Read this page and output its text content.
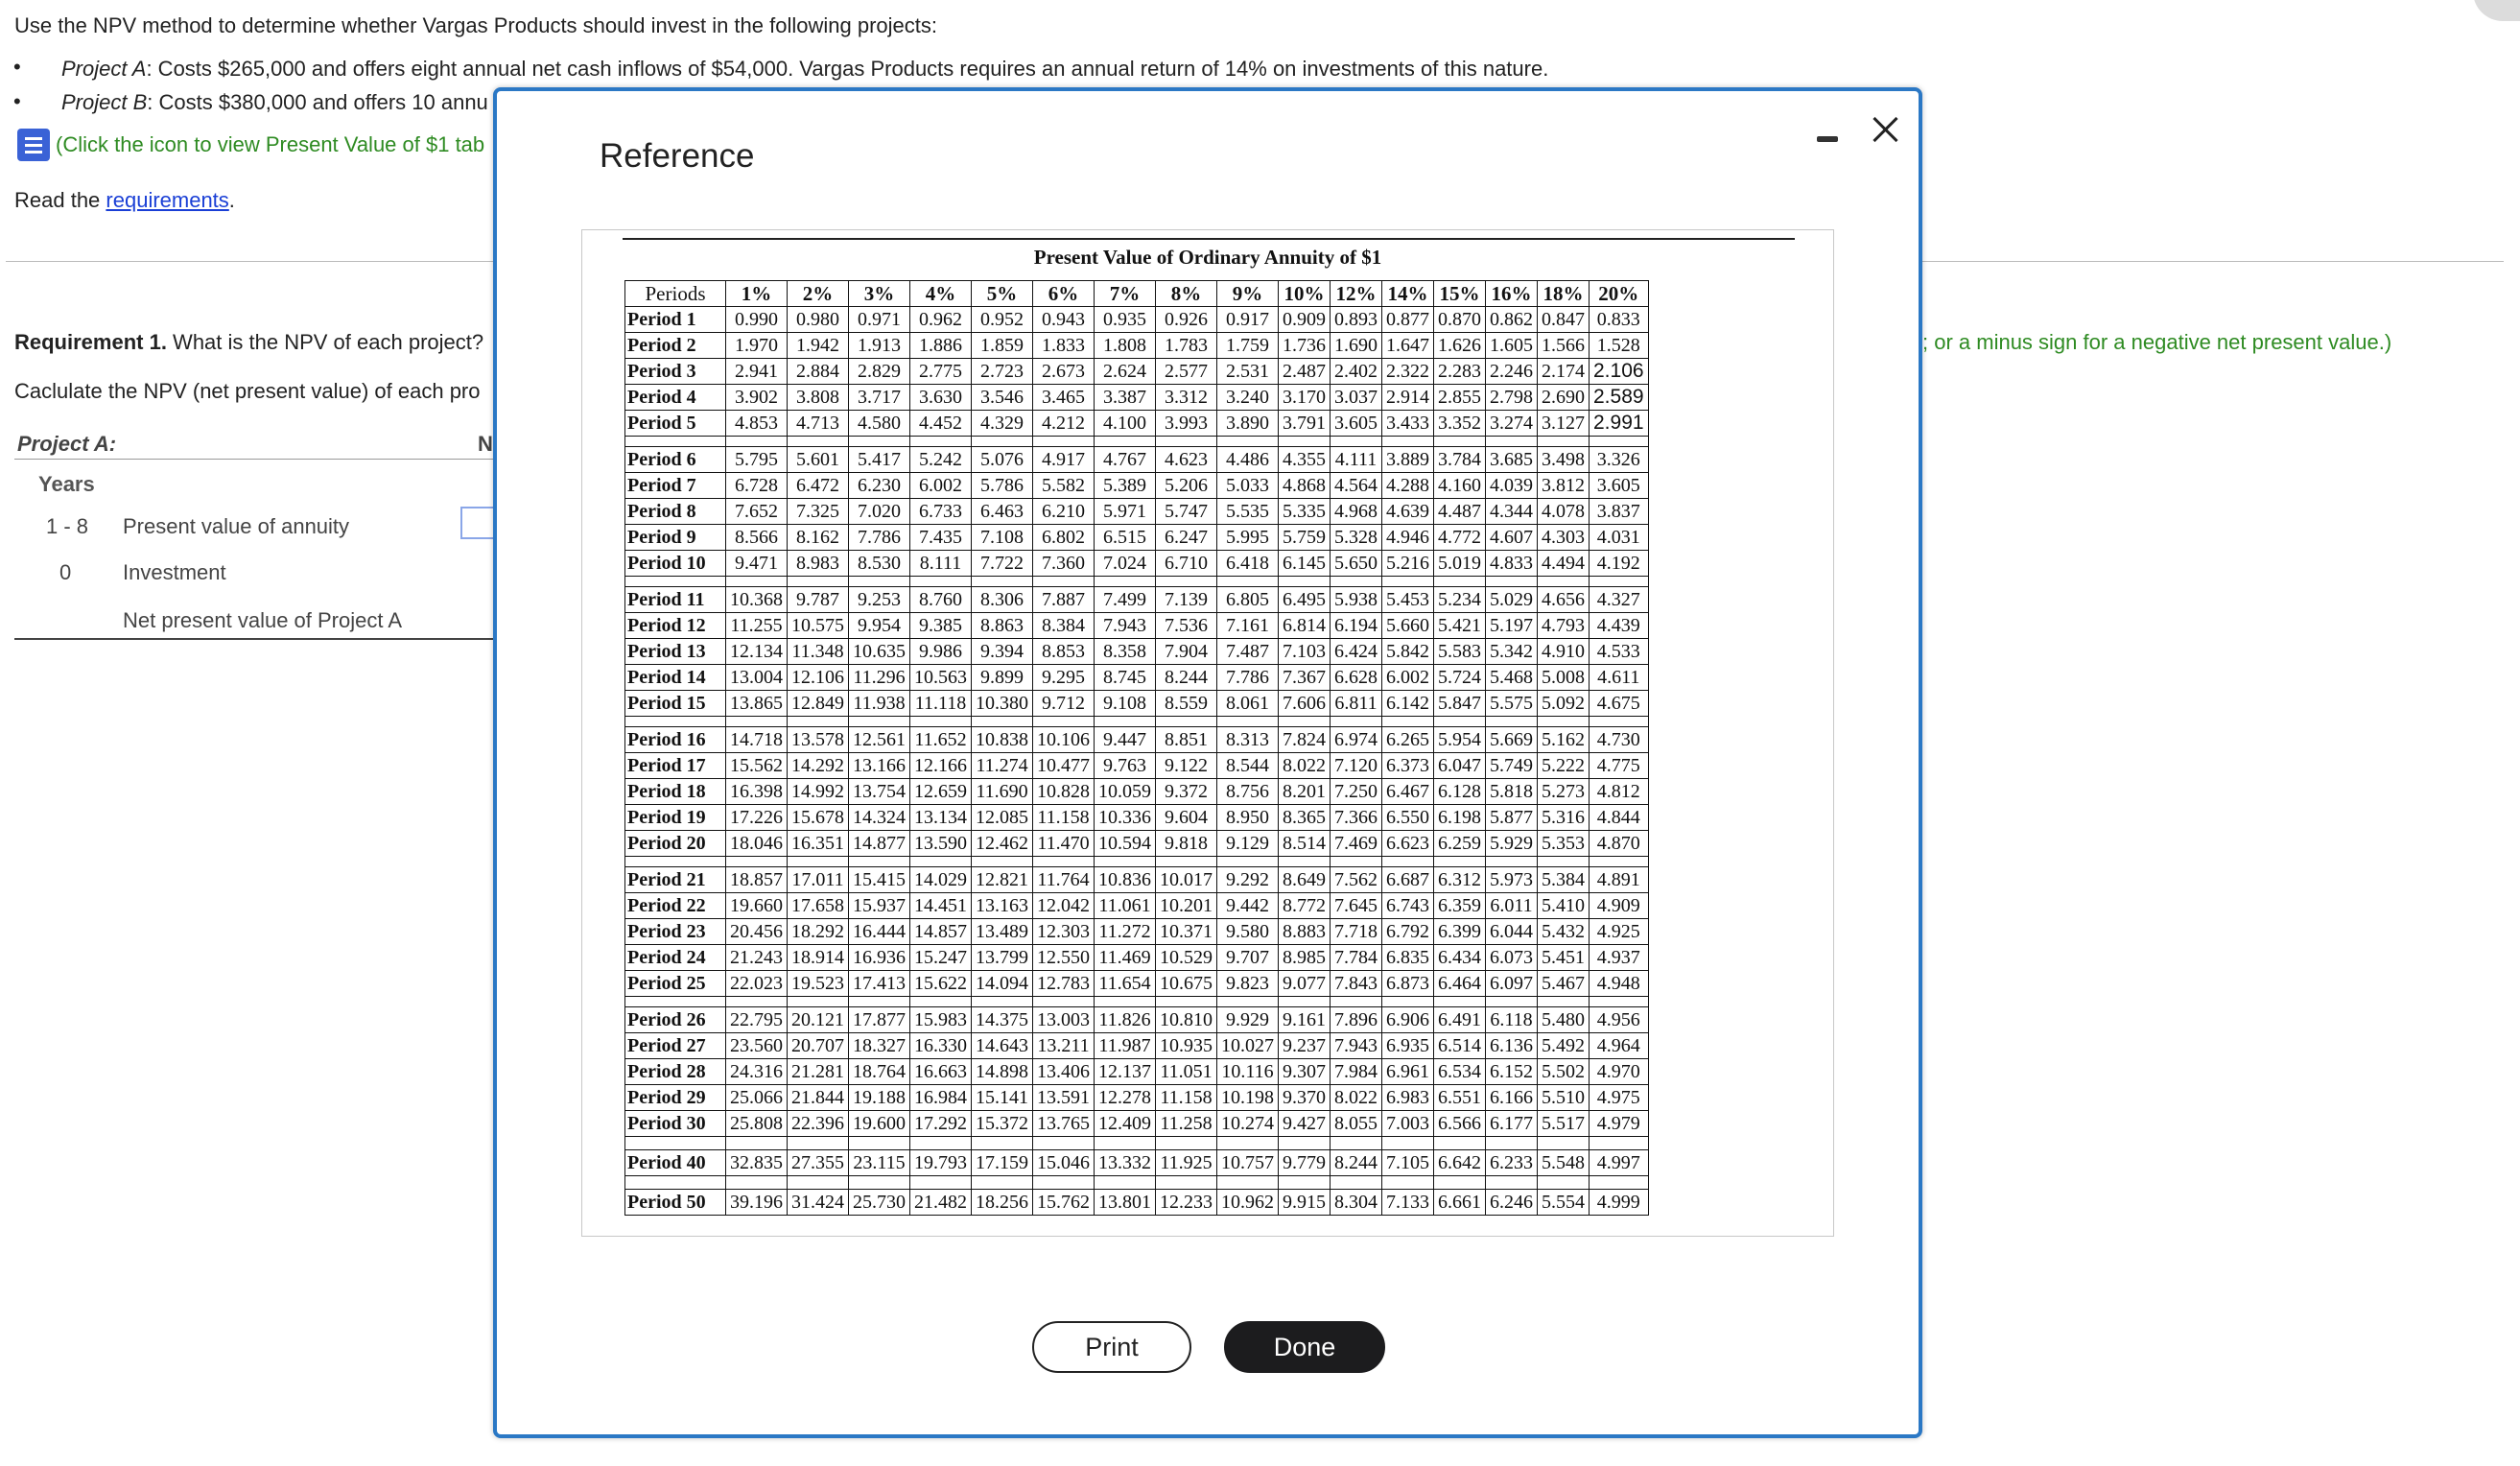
Use the NPV method to determine whether Vargas Products should invest in the following projects:
• Project A: Costs $265,000 and offers eight annual net cash inflows of $54,000. Vargas Products requires an annual return of 14% on investments of this nature.
• Project B: Costs $380,000 and offers 10 annu
(Click the icon to view Present Value of $1 tab
Read the requirements.
Requirement 1. What is the NPV of each project?
Caclulate the NPV (net present value) of each pro
; or a minus sign for a negative net present value.)
Project A:	N
Years
1 - 8 Present value of annuity
0 Investment
Net present value of Project A
Reference
Present Value of Ordinary Annuity of $1
Periods	1%	2%	3%	4%	5%	6%	7%	8%	9%	10%	12%	14%	15%	16%	18%	20%
Period 1	0.990	0.980	0.971	0.962	0.952	0.943	0.935	0.926	0.917	0.909	0.893	0.877	0.870	0.862	0.847	0.833
Period 2	1.970	1.942	1.913	1.886	1.859	1.833	1.808	1.783	1.759	1.736	1.690	1.647	1.626	1.605	1.566	1.528
Period 3	2.941	2.884	2.829	2.775	2.723	2.673	2.624	2.577	2.531	2.487	2.402	2.322	2.283	2.246	2.174	2.106
Period 4	3.902	3.808	3.717	3.630	3.546	3.465	3.387	3.312	3.240	3.170	3.037	2.914	2.855	2.798	2.690	2.589
Period 5	4.853	4.713	4.580	4.452	4.329	4.212	4.100	3.993	3.890	3.791	3.605	3.433	3.352	3.274	3.127	2.991

Period 6	5.795	5.601	5.417	5.242	5.076	4.917	4.767	4.623	4.486	4.355	4.111	3.889	3.784	3.685	3.498	3.326
Period 7	6.728	6.472	6.230	6.002	5.786	5.582	5.389	5.206	5.033	4.868	4.564	4.288	4.160	4.039	3.812	3.605
Period 8	7.652	7.325	7.020	6.733	6.463	6.210	5.971	5.747	5.535	5.335	4.968	4.639	4.487	4.344	4.078	3.837
Period 9	8.566	8.162	7.786	7.435	7.108	6.802	6.515	6.247	5.995	5.759	5.328	4.946	4.772	4.607	4.303	4.031
Period 10	9.471	8.983	8.530	8.111	7.722	7.360	7.024	6.710	6.418	6.145	5.650	5.216	5.019	4.833	4.494	4.192

Period 11	10.368	9.787	9.253	8.760	8.306	7.887	7.499	7.139	6.805	6.495	5.938	5.453	5.234	5.029	4.656	4.327
Period 12	11.255	10.575	9.954	9.385	8.863	8.384	7.943	7.536	7.161	6.814	6.194	5.660	5.421	5.197	4.793	4.439
Period 13	12.134	11.348	10.635	9.986	9.394	8.853	8.358	7.904	7.487	7.103	6.424	5.842	5.583	5.342	4.910	4.533
Period 14	13.004	12.106	11.296	10.563	9.899	9.295	8.745	8.244	7.786	7.367	6.628	6.002	5.724	5.468	5.008	4.611
Period 15	13.865	12.849	11.938	11.118	10.380	9.712	9.108	8.559	8.061	7.606	6.811	6.142	5.847	5.575	5.092	4.675

Period 16	14.718	13.578	12.561	11.652	10.838	10.106	9.447	8.851	8.313	7.824	6.974	6.265	5.954	5.669	5.162	4.730
Period 17	15.562	14.292	13.166	12.166	11.274	10.477	9.763	9.122	8.544	8.022	7.120	6.373	6.047	5.749	5.222	4.775
Period 18	16.398	14.992	13.754	12.659	11.690	10.828	10.059	9.372	8.756	8.201	7.250	6.467	6.128	5.818	5.273	4.812
Period 19	17.226	15.678	14.324	13.134	12.085	11.158	10.336	9.604	8.950	8.365	7.366	6.550	6.198	5.877	5.316	4.844
Period 20	18.046	16.351	14.877	13.590	12.462	11.470	10.594	9.818	9.129	8.514	7.469	6.623	6.259	5.929	5.353	4.870

Period 21	18.857	17.011	15.415	14.029	12.821	11.764	10.836	10.017	9.292	8.649	7.562	6.687	6.312	5.973	5.384	4.891
Period 22	19.660	17.658	15.937	14.451	13.163	12.042	11.061	10.201	9.442	8.772	7.645	6.743	6.359	6.011	5.410	4.909
Period 23	20.456	18.292	16.444	14.857	13.489	12.303	11.272	10.371	9.580	8.883	7.718	6.792	6.399	6.044	5.432	4.925
Period 24	21.243	18.914	16.936	15.247	13.799	12.550	11.469	10.529	9.707	8.985	7.784	6.835	6.434	6.073	5.451	4.937
Period 25	22.023	19.523	17.413	15.622	14.094	12.783	11.654	10.675	9.823	9.077	7.843	6.873	6.464	6.097	5.467	4.948

Period 26	22.795	20.121	17.877	15.983	14.375	13.003	11.826	10.810	9.929	9.161	7.896	6.906	6.491	6.118	5.480	4.956
Period 27	23.560	20.707	18.327	16.330	14.643	13.211	11.987	10.935	10.027	9.237	7.943	6.935	6.514	6.136	5.492	4.964
Period 28	24.316	21.281	18.764	16.663	14.898	13.406	12.137	11.051	10.116	9.307	7.984	6.961	6.534	6.152	5.502	4.970
Period 29	25.066	21.844	19.188	16.984	15.141	13.591	12.278	11.158	10.198	9.370	8.022	6.983	6.551	6.166	5.510	4.975
Period 30	25.808	22.396	19.600	17.292	15.372	13.765	12.409	11.258	10.274	9.427	8.055	7.003	6.566	6.177	5.517	4.979

Period 40	32.835	27.355	23.115	19.793	17.159	15.046	13.332	11.925	10.757	9.779	8.244	7.105	6.642	6.233	5.548	4.997

Period 50	39.196	31.424	25.730	21.482	18.256	15.762	13.801	12.233	10.962	9.915	8.304	7.133	6.661	6.246	5.554	4.999
Print	Done
